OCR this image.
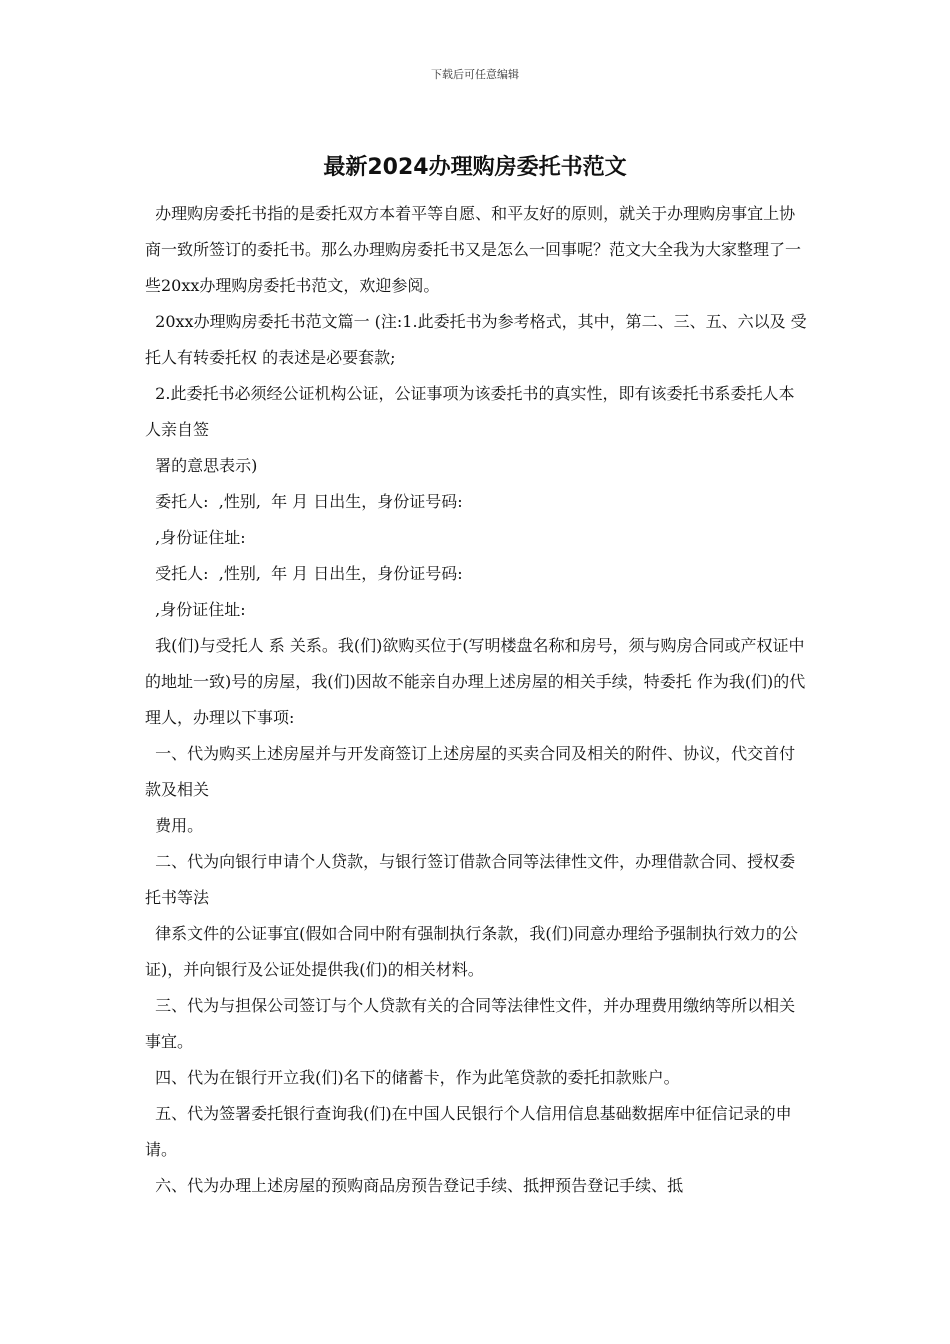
下载后可任意编辑
最新2024办理购房委托书范文

办理购房委托书指的是委托双方本着平等自愿、和平友好的原则，就关于办理购房事宜上协商一致所签订的委托书。那么办理购房委托书又是怎么一回事呢？范文大全我为大家整理了一些20xx办理购房委托书范文，欢迎参阅。

20xx办理购房委托书范文篇一 (注:1.此委托书为参考格式，其中，第二、三、五、六以及 受托人有转委托权 的表述是必要套款;

2.此委托书必须经公证机构公证，公证事项为该委托书的真实性，即有该委托书系委托人本人亲自签

署的意思表示)

委托人:  ,性别,  年 月 日出生，身份证号码:

,身份证住址:

受托人:  ,性别,  年 月 日出生，身份证号码:

,身份证住址:

我(们)与受托人 系 关系。我(们)欲购买位于(写明楼盘名称和房号，须与购房合同或产权证中的地址一致)号的房屋，我(们)因故不能亲自办理上述房屋的相关手续，特委托 作为我(们)的代理人，办理以下事项:

一、代为购买上述房屋并与开发商签订上述房屋的买卖合同及相关的附件、协议，代交首付款及相关

费用。

二、代为向银行申请个人贷款，与银行签订借款合同等法律性文件，办理借款合同、授权委托书等法

律系文件的公证事宜(假如合同中附有强制执行条款，我(们)同意办理给予强制执行效力的公证)，并向银行及公证处提供我(们)的相关材料。

三、代为与担保公司签订与个人贷款有关的合同等法律性文件，并办理费用缴纳等所以相关事宜。

四、代为在银行开立我(们)名下的储蓄卡，作为此笔贷款的委托扣款账户。

五、代为签署委托银行查询我(们)在中国人民银行个人信用信息基础数据库中征信记录的申请。

六、代为办理上述房屋的预购商品房预告登记手续、抵押预告登记手续、抵
